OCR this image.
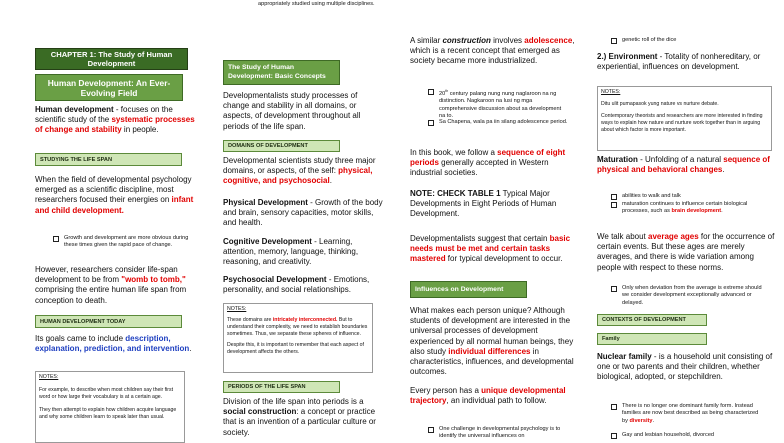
CHAPTER 1: The Study of Human Development
Human Development: An Ever-Evolving Field
Human development - focuses on the scientific study of the systematic processes of change and stability in people.
STUDYING THE LIFE SPAN
When the field of developmental psychology emerged as a scientific discipline, most researchers focused their energies on infant and child development.
Growth and development are more obvious during these times given the rapid pace of change.
However, researchers consider life-span development to be from "womb to tomb," comprising the entire human life span from conception to death.
HUMAN DEVELOPMENT TODAY
Its goals came to include description, explanation, prediction, and intervention.
NOTES:
For example, to describe when most children say their first word or how large their vocabulary is at a certain age.
They then attempt to explain how children acquire language and why some children learn to speak later than usual.
appropriately studied using multiple disciplines.
The Study of Human Development: Basic Concepts
Developmentalists study processes of change and stability in all domains, or aspects, of development throughout all periods of the life span.
DOMAINS OF DEVELOPMENT
Developmental scientists study three major domains, or aspects, of the self: physical, cognitive, and psychosocial.
Physical Development - Growth of the body and brain, sensory capacities, motor skills, and health.
Cognitive Development - Learning, attention, memory, language, thinking, reasoning, and creativity.
Psychosocial Development - Emotions, personality, and social relationships.
NOTES:
These domains are intricately interconnected. But to understand their complexity, we need to establish boundaries sometimes. Thus, we separate these spheres of influence.
Despite this, it is important to remember that each aspect of development affects the others.
PERIODS OF THE LIFE SPAN
Division of the life span into periods is a social construction: a concept or practice that is an invention of a particular culture or society.
A similar construction involves adolescence, which is a recent concept that emerged as society became more industrialized.
20th century palang nung nung naglaroon na ng distinction. Nagkaroon na lusi ng mga comprehensive discussion about sa development na to.
Sa Chapena, wala pa iin silang adolescence period.
In this book, we follow a sequence of eight periods generally accepted in Western industrial societies.
NOTE: CHECK TABLE 1 Typical Major Developments in Eight Periods of Human Development.
Developmentalists suggest that certain basic needs must be met and certain tasks mastered for typical development to occur.
Influences on Development
What makes each person unique? Although students of development are interested in the universal processes of development experienced by all normal human beings, they also study individual differences in characteristics, influences, and developmental outcomes.
Every person has a unique developmental trajectory, an individual path to follow.
One challenge in developmental psychology is to identify the universal influences on
genetic roll of the dice
2.) Environment - Totality of nonhereditary, or experiential, influences on development.
NOTES:
Ditu ulit pumapasok yung nature vs nurture debate.
Contemporary theorists and researchers are more interested in finding ways to explain how nature and nurture work together than in arguing about which factor is more important.
Maturation - Unfolding of a natural sequence of physical and behavioral changes.
abilities to walk and talk
maturation continues to influence certain biological processes, such as brain development.
We talk about average ages for the occurrence of certain events. But these ages are merely averages, and there is wide variation among people with respect to these norms.
Only when deviation from the average is extreme should we consider development exceptionally advanced or delayed.
CONTEXTS OF DEVELOPMENT
Family
Nuclear family - is a household unit consisting of one or two parents and their children, whether biological, adopted, or stepchildren.
There is no longer one dominant family form. Instead families are now best described as being characterized by diversity.
Gay and lesbian household, divorced
